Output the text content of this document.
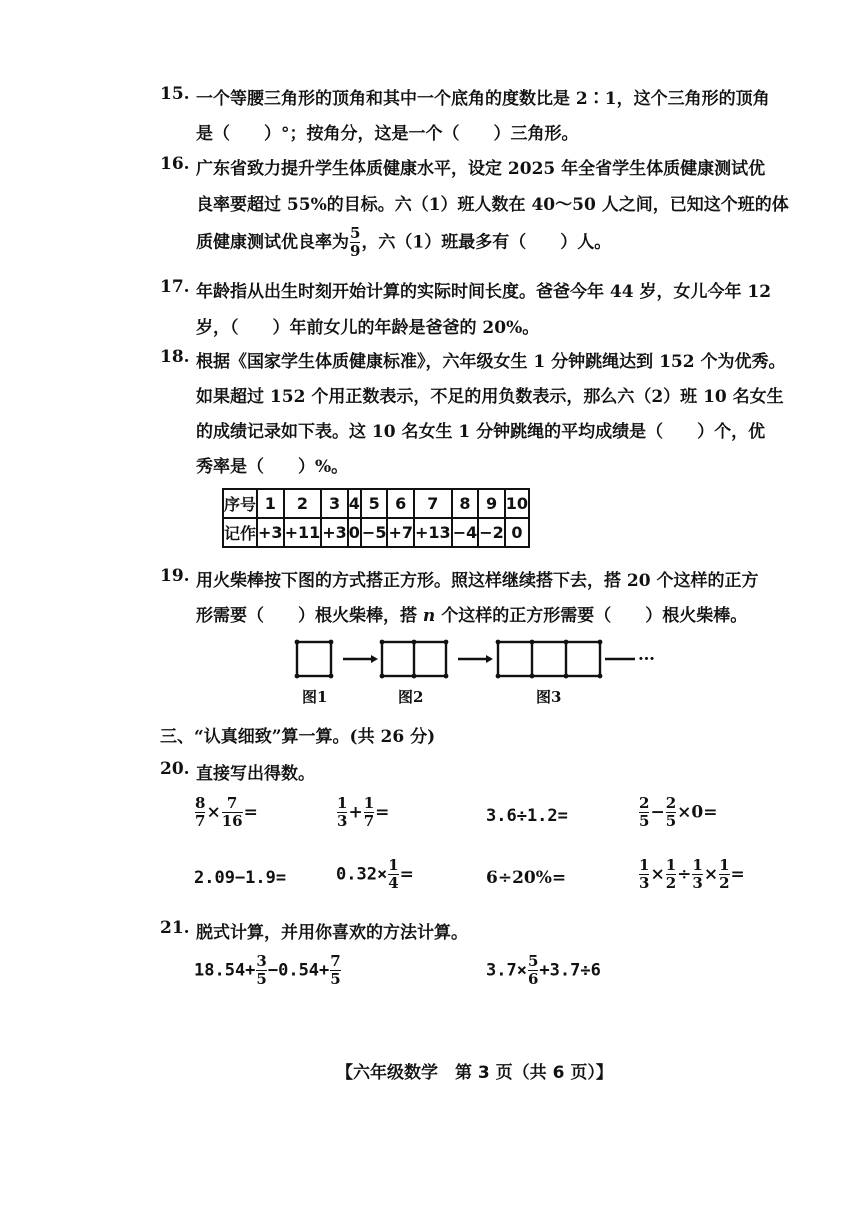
15. 一个等腰三角形的顶角和其中一个底角的度数比是 2∶1，这个三角形的顶角
是（　　）°；按角分，这是一个（　　）三角形。
16. 广东省致力提升学生体质健康水平，设定 2025 年全省学生体质健康测试优
良率要超过 55%的目标。六（1）班人数在 40～50 人之间，已知这个班的体
质健康测试优良率为 $\frac{5}{9}$ ，六（1）班最多有（　　）人。
17. 年龄指从出生时刻开始计算的实际时间长度。爸爸今年 44 岁，女儿今年 12
岁，（　　）年前女儿的年龄是爸爸的 20%。
18. 根据《国家学生体质健康标准》，六年级女生 1 分钟跳绳达到 152 个为优秀。
如果超过 152 个用正数表示，不足的用负数表示，那么六（2）班 10 名女生
的成绩记录如下表。这 10 名女生 1 分钟跳绳的平均成绩是（　　）个，优
秀率是（　　）%。
序号	1	2	3	4	5	6	7	8	9	10
记作	+3	+11	+3	0	−5	+7	+13	−4	−2	0
19. 用火柴棒按下图的方式搭正方形。照这样继续搭下去，搭 20 个这样的正方
形需要（　　）根火柴棒，搭 n 个这样的正方形需要（　　）根火柴棒。
…
图1	图2	图3
三、“认真细致”算一算。(共 26 分)
20. 直接写出得数。
$\frac{8}{7} \times \frac{7}{16}$ =	$\frac{1}{3} + \frac{1}{7}$ =	3.6÷1.2=	$\frac{2}{5} - \frac{2}{5} \times 0=$
2.09−1.9=	$0.32\times \frac{1}{4}$ =	6÷20%=	$\frac{1}{3} \times \frac{1}{2} \div \frac{1}{3} \times \frac{1}{2}$ =
21. 脱式计算，并用你喜欢的方法计算。
$18.54+ \frac{3}{5} -0.54+ \frac{7}{5}$	$3.7\times \frac{5}{6} +3.7\div 6$
【六年级数学　第 3 页（共 6 页）】
